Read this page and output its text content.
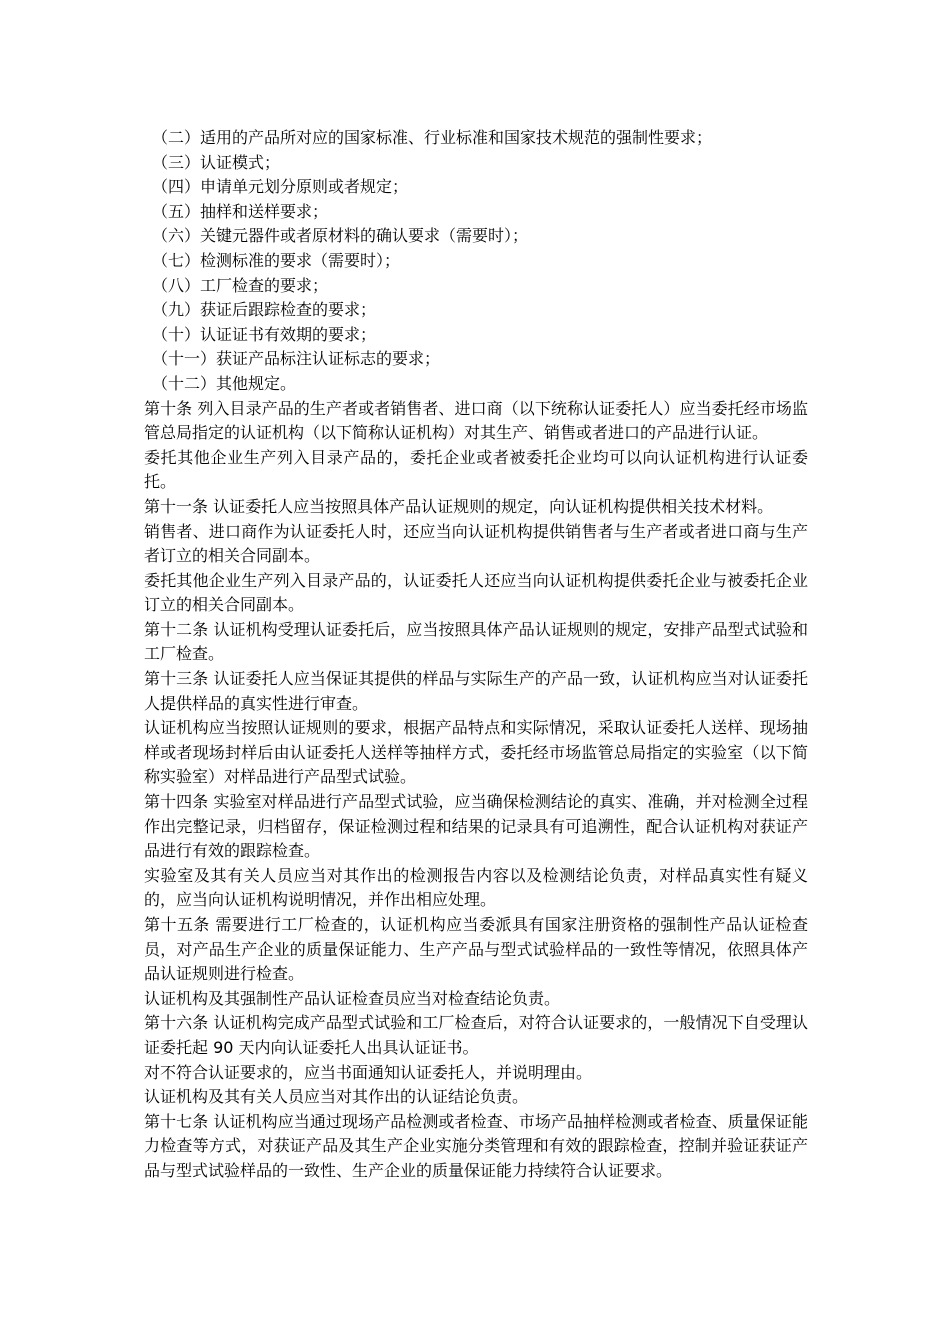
（二）适用的产品所对应的国家标准、行业标准和国家技术规范的强制性要求；
（三）认证模式；
（四）申请单元划分原则或者规定；
（五）抽样和送样要求；
（六）关键元器件或者原材料的确认要求（需要时）；
（七）检测标准的要求（需要时）；
（八）工厂检查的要求；
（九）获证后跟踪检查的要求；
（十）认证证书有效期的要求；
（十一）获证产品标注认证标志的要求；
（十二）其他规定。

第十条 列入目录产品的生产者或者销售者、进口商（以下统称认证委托人）应当委托经市场监管总局指定的认证机构（以下简称认证机构）对其生产、销售或者进口的产品进行认证。

委托其他企业生产列入目录产品的，委托企业或者被委托企业均可以向认证机构进行认证委托。

第十一条 认证委托人应当按照具体产品认证规则的规定，向认证机构提供相关技术材料。

销售者、进口商作为认证委托人时，还应当向认证机构提供销售者与生产者或者进口商与生产者订立的相关合同副本。

委托其他企业生产列入目录产品的，认证委托人还应当向认证机构提供委托企业与被委托企业订立的相关合同副本。

第十二条 认证机构受理认证委托后，应当按照具体产品认证规则的规定，安排产品型式试验和工厂检查。

第十三条 认证委托人应当保证其提供的样品与实际生产的产品一致，认证机构应当对认证委托人提供样品的真实性进行审查。

认证机构应当按照认证规则的要求，根据产品特点和实际情况，采取认证委托人送样、现场抽样或者现场封样后由认证委托人送样等抽样方式，委托经市场监管总局指定的实验室（以下简称实验室）对样品进行产品型式试验。

第十四条 实验室对样品进行产品型式试验，应当确保检测结论的真实、准确，并对检测全过程作出完整记录，归档留存，保证检测过程和结果的记录具有可追溯性，配合认证机构对获证产品进行有效的跟踪检查。

实验室及其有关人员应当对其作出的检测报告内容以及检测结论负责，对样品真实性有疑义的，应当向认证机构说明情况，并作出相应处理。

第十五条 需要进行工厂检查的，认证机构应当委派具有国家注册资格的强制性产品认证检查员，对产品生产企业的质量保证能力、生产产品与型式试验样品的一致性等情况，依照具体产品认证规则进行检查。

认证机构及其强制性产品认证检查员应当对检查结论负责。

第十六条 认证机构完成产品型式试验和工厂检查后，对符合认证要求的，一般情况下自受理认证委托起 90 天内向认证委托人出具认证证书。

对不符合认证要求的，应当书面通知认证委托人，并说明理由。

认证机构及其有关人员应当对其作出的认证结论负责。

第十七条 认证机构应当通过现场产品检测或者检查、市场产品抽样检测或者检查、质量保证能力检查等方式，对获证产品及其生产企业实施分类管理和有效的跟踪检查，控制并验证获证产品与型式试验样品的一致性、生产企业的质量保证能力持续符合认证要求。
